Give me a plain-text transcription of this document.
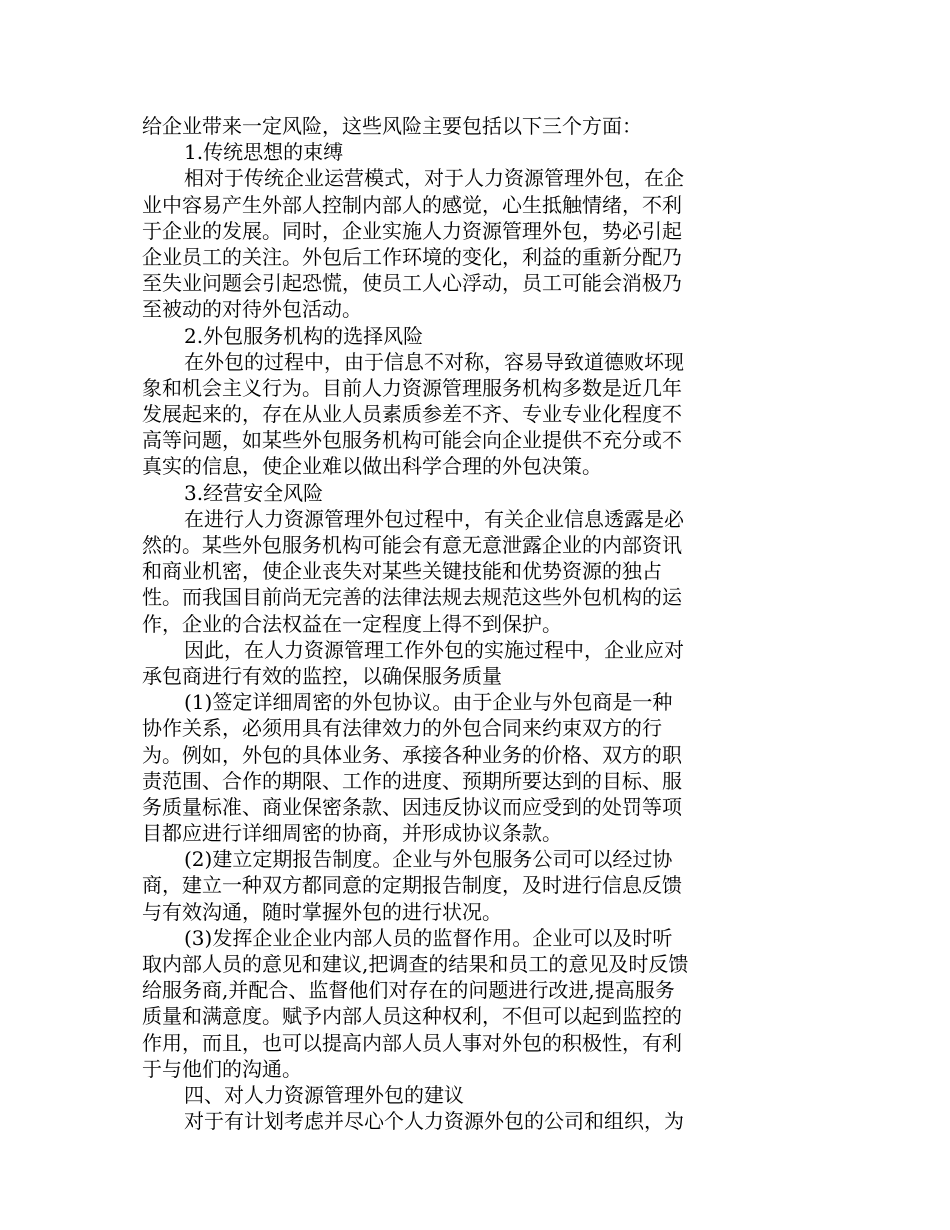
给企业带来一定风险，这些风险主要包括以下三个方面：
1.传统思想的束缚
相对于传统企业运营模式，对于人力资源管理外包，在企
业中容易产生外部人控制内部人的感觉，心生抵触情绪，不利
于企业的发展。同时，企业实施人力资源管理外包，势必引起
企业员工的关注。外包后工作环境的变化，利益的重新分配乃
至失业问题会引起恐慌，使员工人心浮动，员工可能会消极乃
至被动的对待外包活动。
2.外包服务机构的选择风险
在外包的过程中，由于信息不对称，容易导致道德败坏现
象和机会主义行为。目前人力资源管理服务机构多数是近几年
发展起来的，存在从业人员素质参差不齐、专业专业化程度不
高等问题，如某些外包服务机构可能会向企业提供不充分或不
真实的信息，使企业难以做出科学合理的外包决策。
3.经营安全风险
在进行人力资源管理外包过程中，有关企业信息透露是必
然的。某些外包服务机构可能会有意无意泄露企业的内部资讯
和商业机密，使企业丧失对某些关键技能和优势资源的独占
性。而我国目前尚无完善的法律法规去规范这些外包机构的运
作，企业的合法权益在一定程度上得不到保护。
因此，在人力资源管理工作外包的实施过程中，企业应对
承包商进行有效的监控，以确保服务质量
(1)签定详细周密的外包协议。由于企业与外包商是一种
协作关系，必须用具有法律效力的外包合同来约束双方的行
为。例如，外包的具体业务、承接各种业务的价格、双方的职
责范围、合作的期限、工作的进度、预期所要达到的目标、服
务质量标准、商业保密条款、因违反协议而应受到的处罚等项
目都应进行详细周密的协商，并形成协议条款。
(2)建立定期报告制度。企业与外包服务公司可以经过协
商，建立一种双方都同意的定期报告制度，及时进行信息反馈
与有效沟通，随时掌握外包的进行状况。
(3)发挥企业企业内部人员的监督作用。企业可以及时听
取内部人员的意见和建议,把调查的结果和员工的意见及时反馈
给服务商,并配合、监督他们对存在的问题进行改进,提高服务
质量和满意度。赋予内部人员这种权利，不但可以起到监控的
作用，而且，也可以提高内部人员人事对外包的积极性，有利
于与他们的沟通。
四、对人力资源管理外包的建议
对于有计划考虑并尽心个人力资源外包的公司和组织，为
